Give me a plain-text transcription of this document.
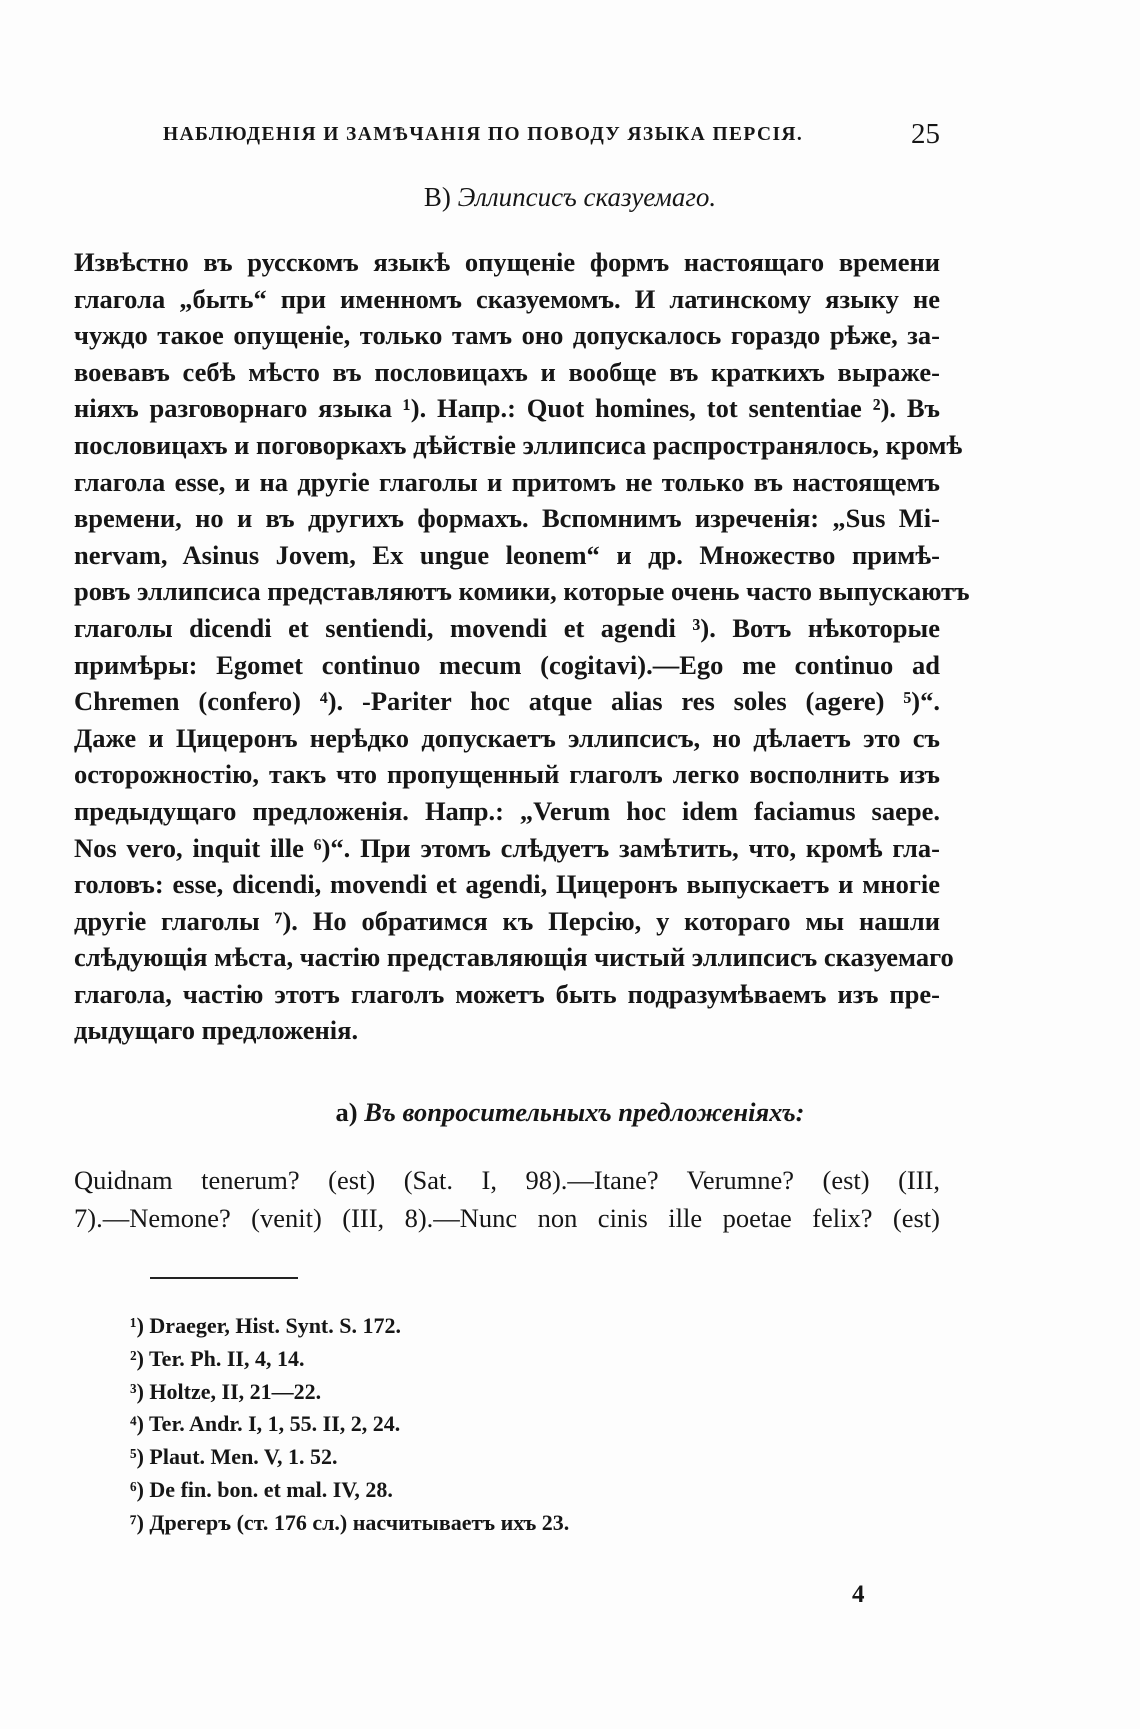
НАБЛЮДЕНІЯ И ЗАМѢЧАНІЯ ПО ПОВОДУ ЯЗЫКА ПЕРСІЯ.	25
В) Эллипсисъ сказуемаго.
Извѣстно въ русскомъ языкѣ опущеніе формъ настоящаго времени
глагола „быть“ при именномъ сказуемомъ. И латинскому языку не
чуждо такое опущеніе, только тамъ оно допускалось гораздо рѣже, за-
воевавъ себѣ мѣсто въ пословицахъ и вообще въ краткихъ выраже-
ніяхъ разговорнаго языка ¹). Напр.: Quot homines, tot sententiae ²). Въ
пословицахъ и поговоркахъ дѣйствіе эллипсиса распространялось, кромѣ
глагола esse, и на другіе глаголы и притомъ не только въ настоящемъ
времени, но и въ другихъ формахъ. Вспомнимъ изреченія: „Sus Mi-
nervam, Asinus Jovem, Ex ungue leonem“ и др. Множество примѣ-
ровъ эллипсиса представляютъ комики, которые очень часто выпускаютъ
глаголы dicendi et sentiendi, movendi et agendi ³). Вотъ нѣкоторые
примѣры: Egomet continuo mecum (cogitavi).—Ego me continuo ad
Chremen (confero) ⁴). -Pariter hoc atque alias res soles (agere) ⁵)“.
Даже и Цицеронъ нерѣдко допускаетъ эллипсисъ, но дѣлаетъ это съ
осторожностію, такъ что пропущенный глаголъ легко восполнить изъ
предыдущаго предложенія. Напр.: „Verum hoc idem faciamus saepe.
Nos vero, inquit ille ⁶)“. При этомъ слѣдуетъ замѣтить, что, кромѣ гла-
головъ: esse, dicendi, movendi et agendi, Цицеронъ выпускаетъ и многіе
другіе глаголы ⁷). Но обратимся къ Персію, у котораго мы нашли
слѣдующія мѣста, частію представляющія чистый эллипсисъ сказуемаго
глагола, частію этотъ глаголъ можетъ быть подразумѣваемъ изъ пре-
дыдущаго предложенія.
a) Въ вопросительныхъ предложеніяхъ:
Quidnam tenerum? (est) (Sat. I, 98).—Itane? Verumne? (est) (III,
7).—Nemone? (venit) (III, 8).—Nunc non cinis ille poetae felix? (est)
¹) Draeger, Hist. Synt. S. 172.
²) Ter. Ph. II, 4, 14.
³) Holtze, II, 21—22.
⁴) Ter. Andr. I, 1, 55. II, 2, 24.
⁵) Plaut. Men. V, 1. 52.
⁶) De fin. bon. et mal. IV, 28.
⁷) Дрегеръ (ст. 176 сл.) насчитываетъ ихъ 23.
4
